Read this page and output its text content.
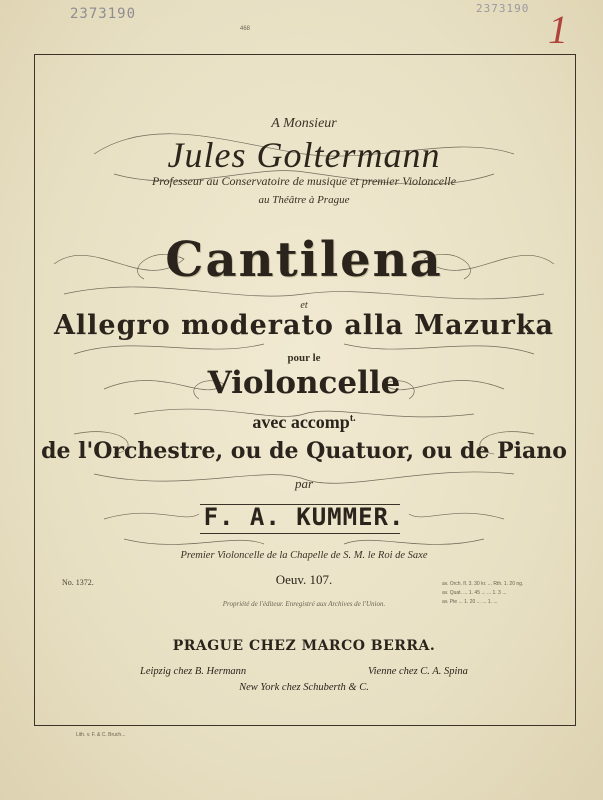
2373190	2373190 1
468
A Monsieur
Jules Goltermann
Professeur au Conservatoire de musique et premier Violoncelle
au Théâtre à Prague
Cantilena
et
Allegro moderato alla Mazurka
pour le
Violoncelle
avec accomp$^{t.}$
de l'Orchestre, ou de Quatuor, ou de Piano
par
F. A. KUMMER.
Premier Violoncelle de la Chapelle de S. M. le Roi de Saxe
Oeuv. 107.
No. 1372.	av. Orch. fl. 3. 30 kr. ... Rth. 1. 20 ng.
av. Quat. ... 1. 45 ... ... 1. 3 ...
av. Pte ... 1. 20 ... ... 1. ...
Propriété de l'éditeur. Enregistré aux Archives de l'Union.
PRAGUE CHEZ MARCO BERRA.
Leipzig chez B. Hermann	Vienne chez C. A. Spina
New York chez Schuberth & C.
Lith. v. F. & C. Bruch...
